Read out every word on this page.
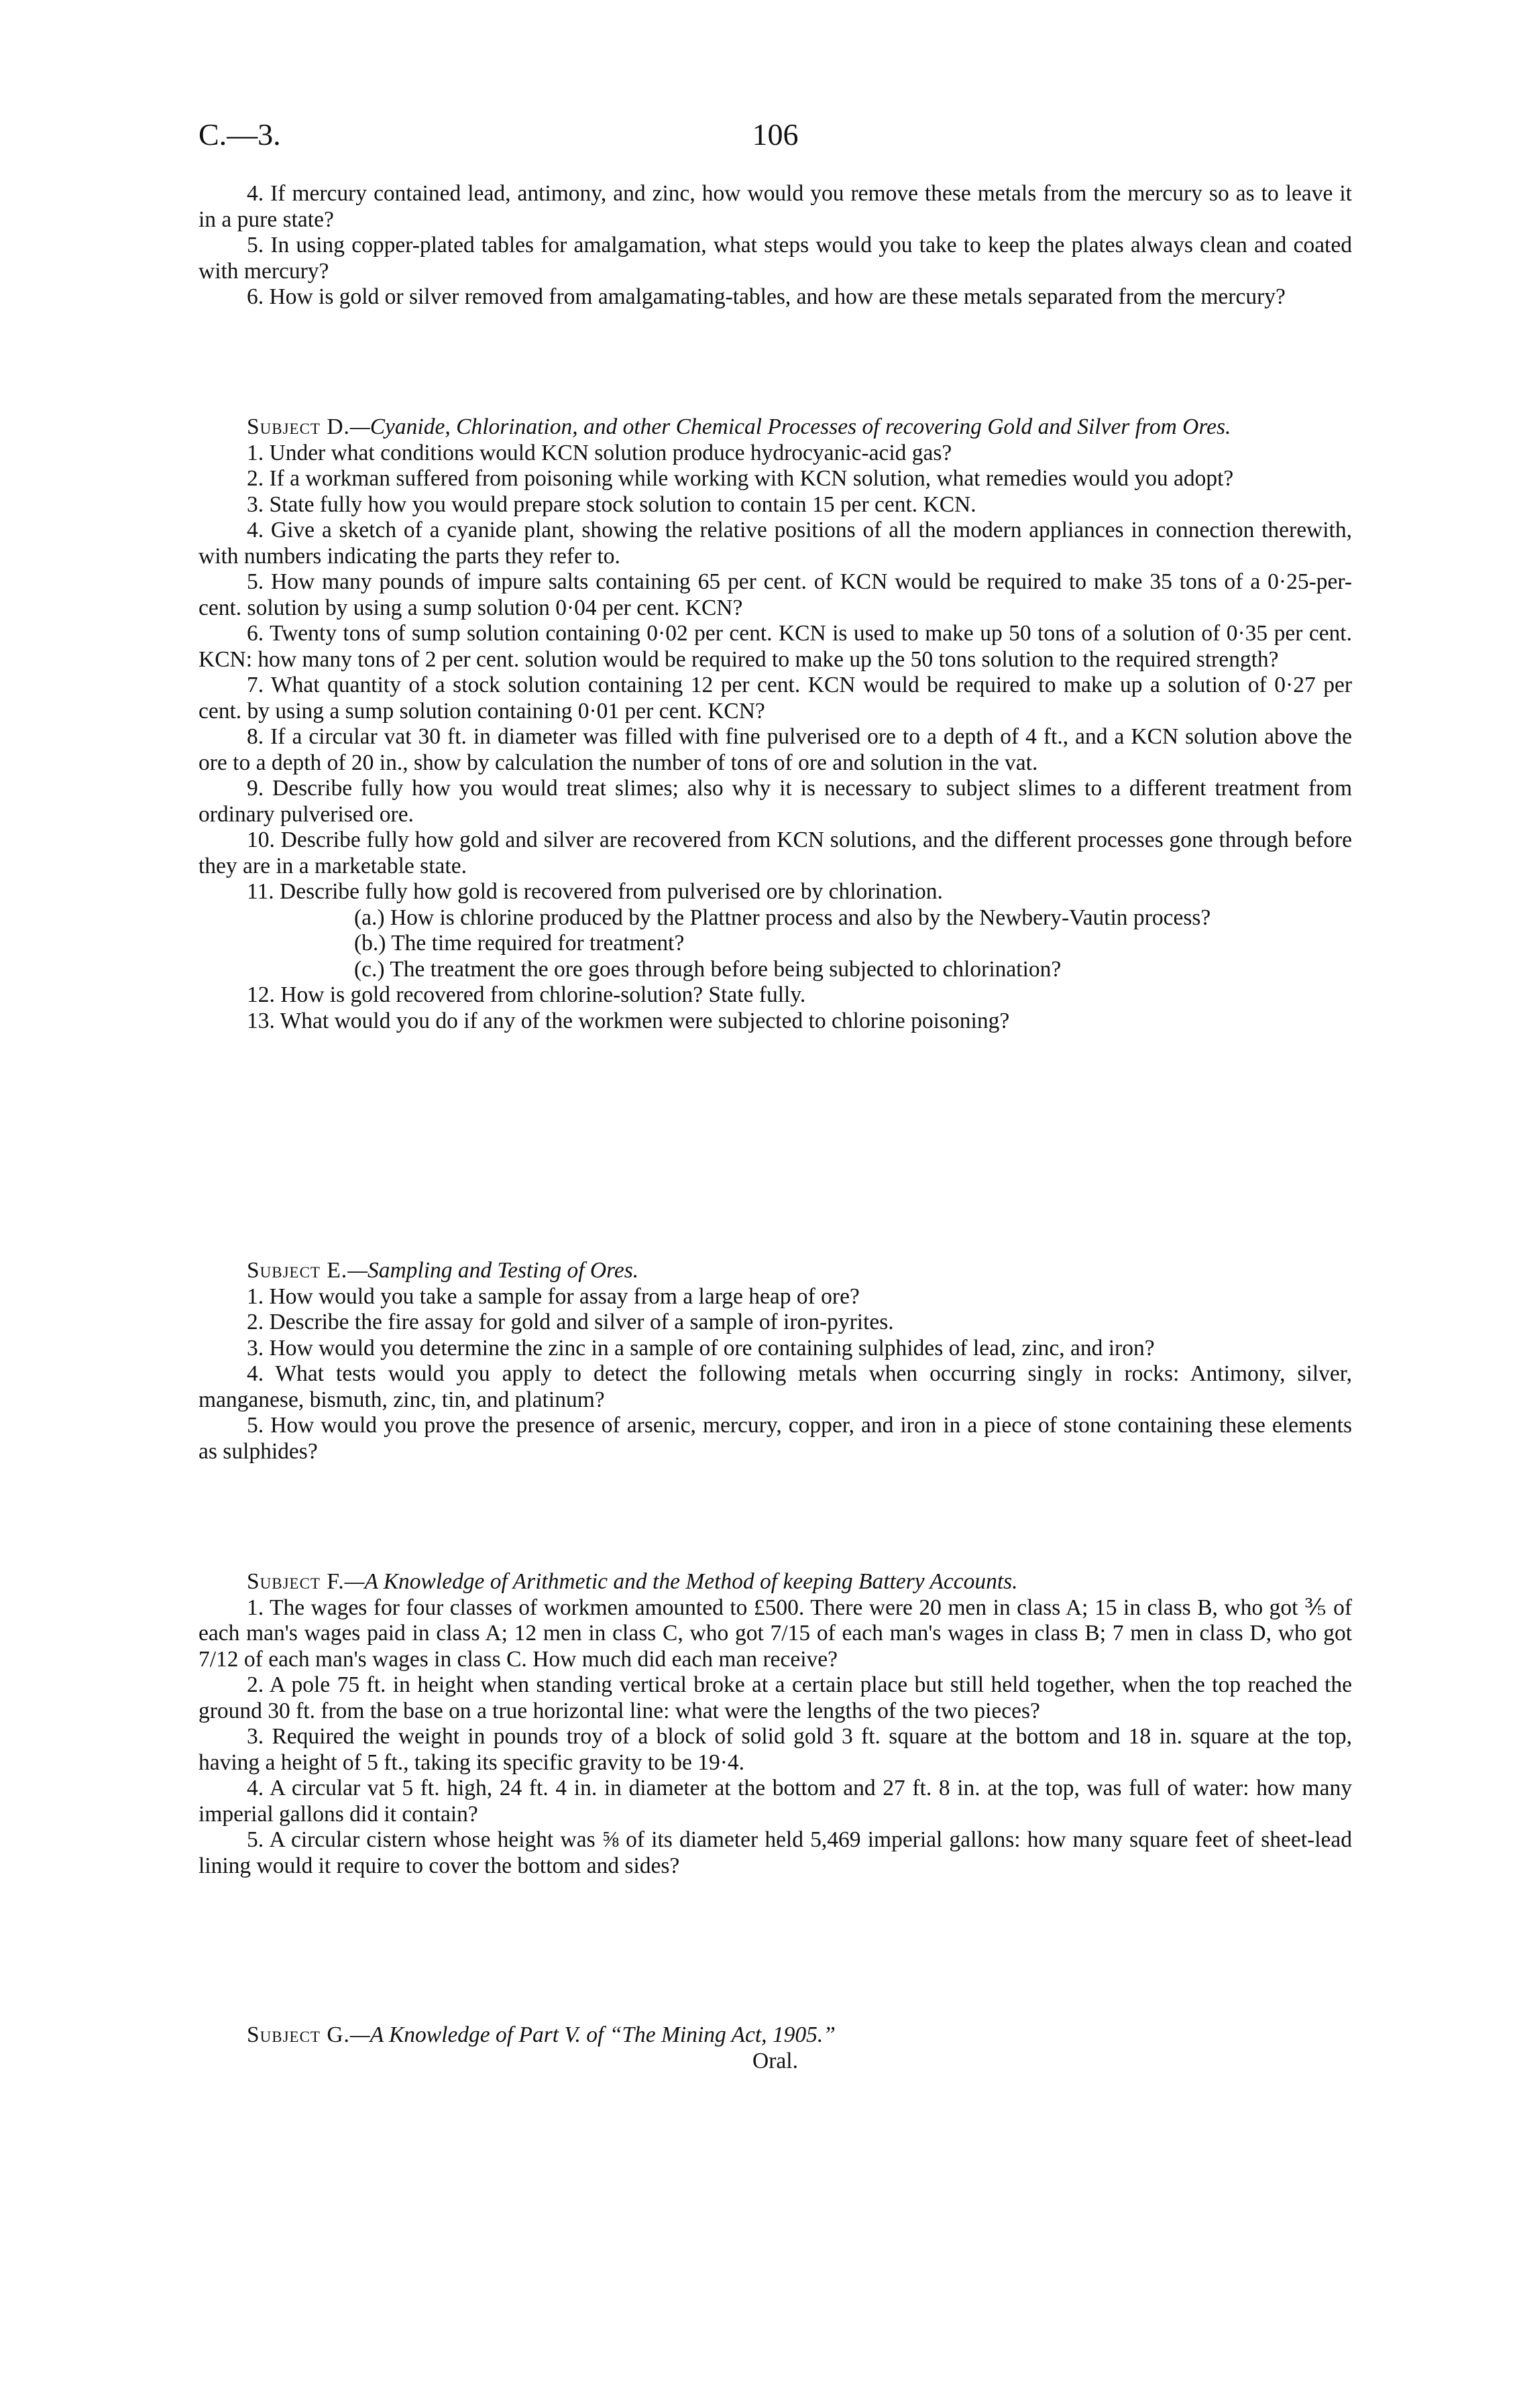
C.—3.	106

4. If mercury contained lead, antimony, and zinc, how would you remove these metals from the mercury so as to leave it in a pure state?

5. In using copper-plated tables for amalgamation, what steps would you take to keep the plates always clean and coated with mercury?

6. How is gold or silver removed from amalgamating-tables, and how are these metals separated from the mercury?

Subject D.—Cyanide, Chlorination, and other Chemical Processes of recovering Gold and Silver from Ores.

1. Under what conditions would KCN solution produce hydrocyanic-acid gas?

2. If a workman suffered from poisoning while working with KCN solution, what remedies would you adopt?

3. State fully how you would prepare stock solution to contain 15 per cent. KCN.

4. Give a sketch of a cyanide plant, showing the relative positions of all the modern appliances in connection therewith, with numbers indicating the parts they refer to.

5. How many pounds of impure salts containing 65 per cent. of KCN would be required to make 35 tons of a 0·25-per-cent. solution by using a sump solution 0·04 per cent. KCN?

6. Twenty tons of sump solution containing 0·02 per cent. KCN is used to make up 50 tons of a solution of 0·35 per cent. KCN: how many tons of 2 per cent. solution would be required to make up the 50 tons solution to the required strength?

7. What quantity of a stock solution containing 12 per cent. KCN would be required to make up a solution of 0·27 per cent. by using a sump solution containing 0·01 per cent. KCN?

8. If a circular vat 30 ft. in diameter was filled with fine pulverised ore to a depth of 4 ft., and a KCN solution above the ore to a depth of 20 in., show by calculation the number of tons of ore and solution in the vat.

9. Describe fully how you would treat slimes; also why it is necessary to subject slimes to a different treatment from ordinary pulverised ore.

10. Describe fully how gold and silver are recovered from KCN solutions, and the different processes gone through before they are in a marketable state.

11. Describe fully how gold is recovered from pulverised ore by chlorination.

(a.) How is chlorine produced by the Plattner process and also by the Newbery-Vautin process?

(b.) The time required for treatment?

(c.) The treatment the ore goes through before being subjected to chlorination?

12. How is gold recovered from chlorine-solution? State fully.

13. What would you do if any of the workmen were subjected to chlorine poisoning?

Subject E.—Sampling and Testing of Ores.

1. How would you take a sample for assay from a large heap of ore?

2. Describe the fire assay for gold and silver of a sample of iron-pyrites.

3. How would you determine the zinc in a sample of ore containing sulphides of lead, zinc, and iron?

4. What tests would you apply to detect the following metals when occurring singly in rocks: Antimony, silver, manganese, bismuth, zinc, tin, and platinum?

5. How would you prove the presence of arsenic, mercury, copper, and iron in a piece of stone containing these elements as sulphides?

Subject F.—A Knowledge of Arithmetic and the Method of keeping Battery Accounts.

1. The wages for four classes of workmen amounted to £500. There were 20 men in class A; 15 in class B, who got ⅗ of each man's wages paid in class A; 12 men in class C, who got 7/15 of each man's wages in class B; 7 men in class D, who got 7/12 of each man's wages in class C. How much did each man receive?

2. A pole 75 ft. in height when standing vertical broke at a certain place but still held together, when the top reached the ground 30 ft. from the base on a true horizontal line: what were the lengths of the two pieces?

3. Required the weight in pounds troy of a block of solid gold 3 ft. square at the bottom and 18 in. square at the top, having a height of 5 ft., taking its specific gravity to be 19·4.

4. A circular vat 5 ft. high, 24 ft. 4 in. in diameter at the bottom and 27 ft. 8 in. at the top, was full of water: how many imperial gallons did it contain?

5. A circular cistern whose height was ⅝ of its diameter held 5,469 imperial gallons: how many square feet of sheet-lead lining would it require to cover the bottom and sides?

Subject G.—A Knowledge of Part V. of “The Mining Act, 1905.”

Oral.
